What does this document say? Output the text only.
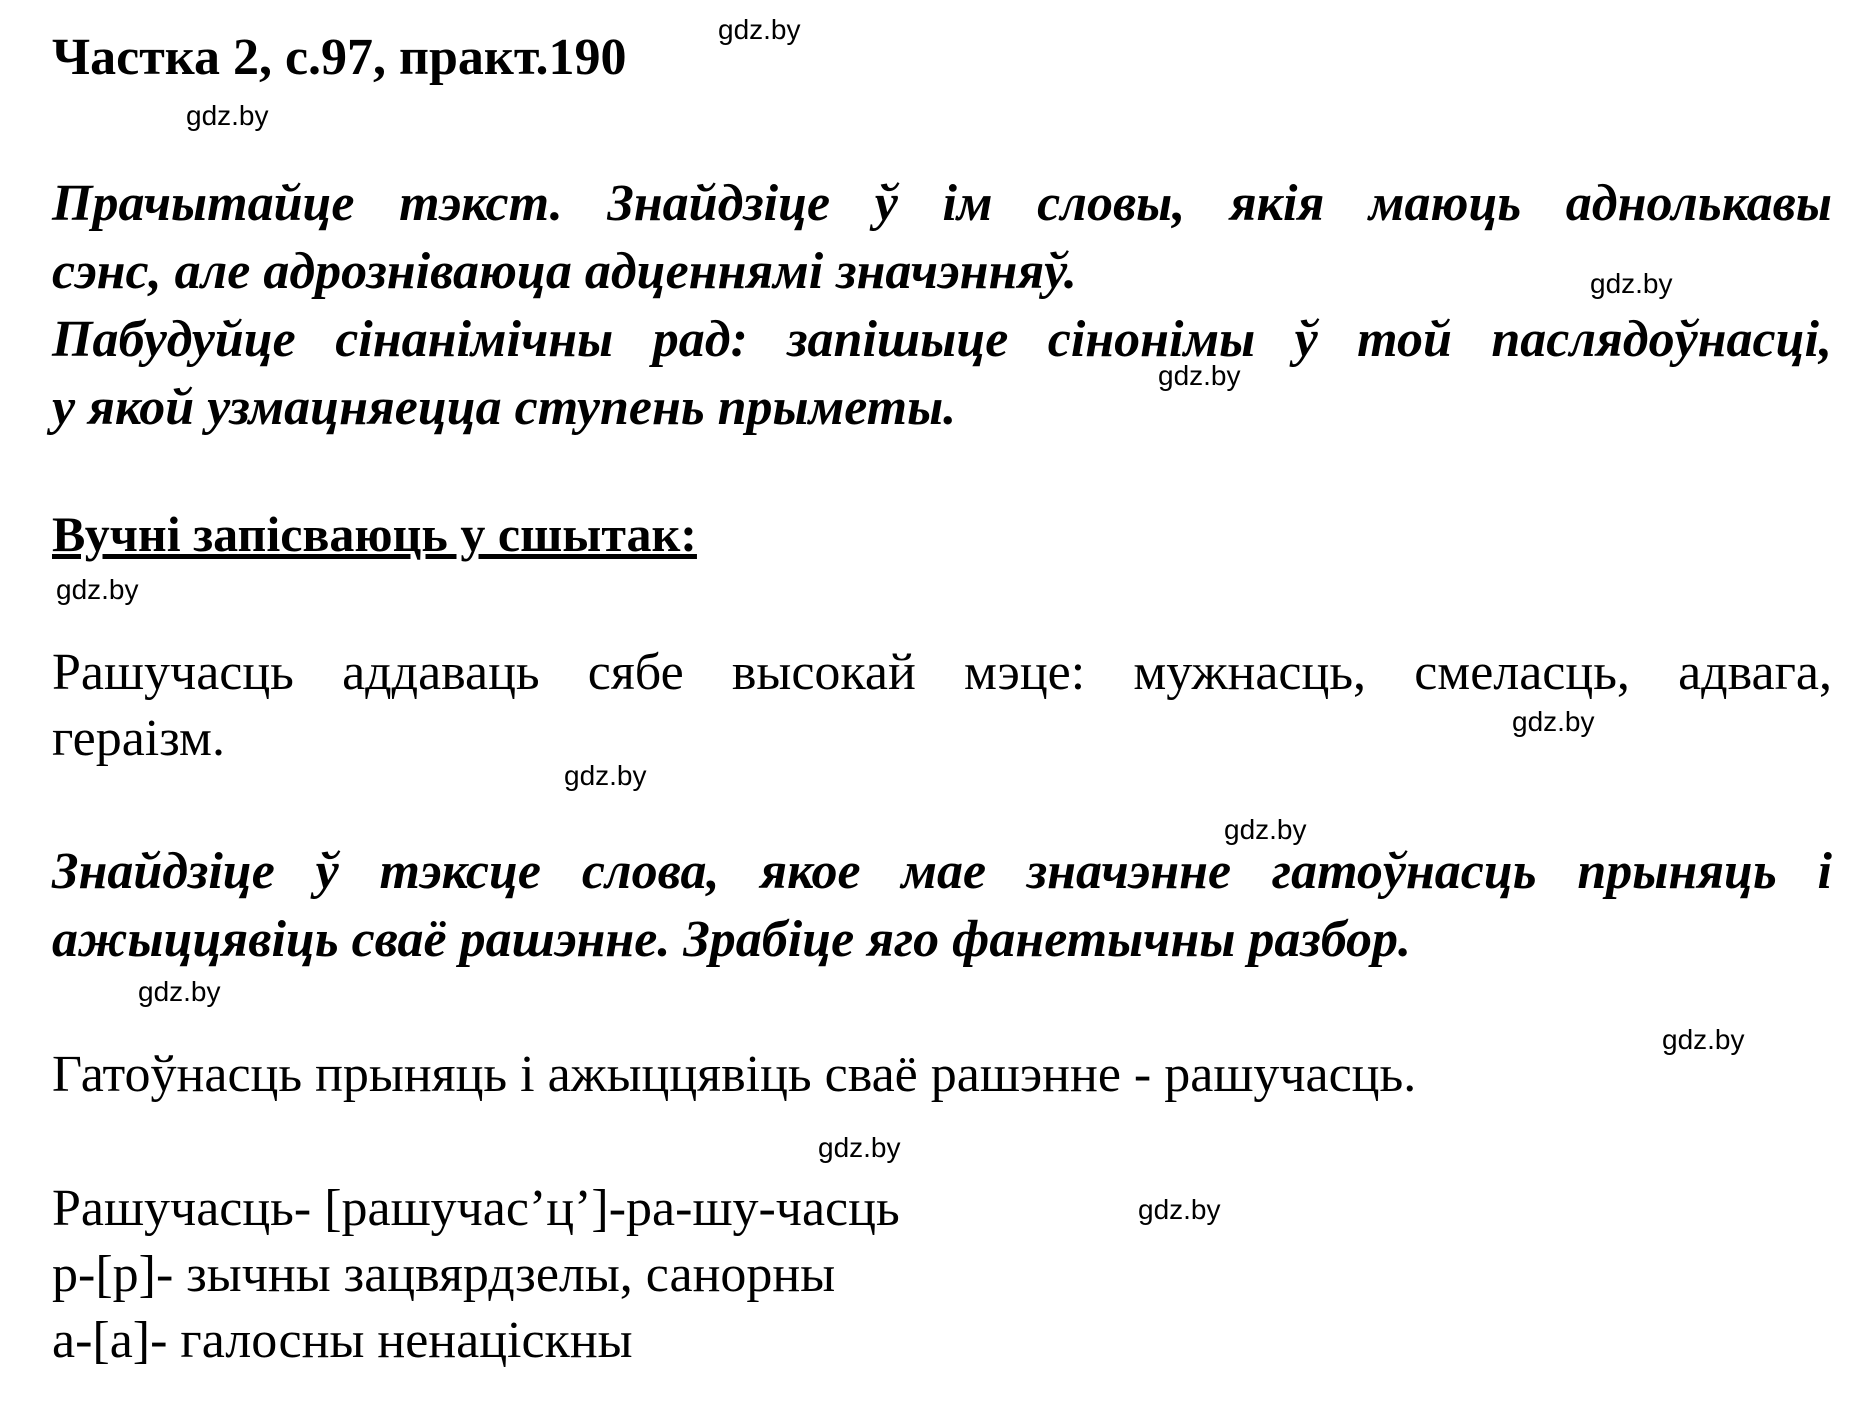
Частка 2, с.97, практ.190
Прачытайце тэкст. Знайдзіце ў ім словы, якія маюць аднолькавы
сэнс, але адрозніваюца адценнямі значэнняў.
Пабудуйце сінанімічны рад: запішыце сінонімы ў той паслядоўнасці,
у якой узмацняецца ступень прыметы.
Вучні запісваюць у сшытак:
Рашучасць аддаваць сябе высокай мэце: мужнасць, смеласць, адвага,
гераізм.
Знайдзіце ў тэксце слова, якое мае значэнне гатоўнасць прыняць і
ажыццявіць сваё рашэнне. Зрабіце яго фанетычны разбор.
Гатоўнасць прыняць і ажыццявіць сваё рашэнне - рашучасць.
Рашучасць- [рашучас’ц’]-ра-шу-часць
р-[р]- зычны зацвярдзелы, санорны
а-[а]- галосны ненацiскны
gdz.by
gdz.by
gdz.by
gdz.by
gdz.by
gdz.by
gdz.by
gdz.by
gdz.by
gdz.by
gdz.by
gdz.by
